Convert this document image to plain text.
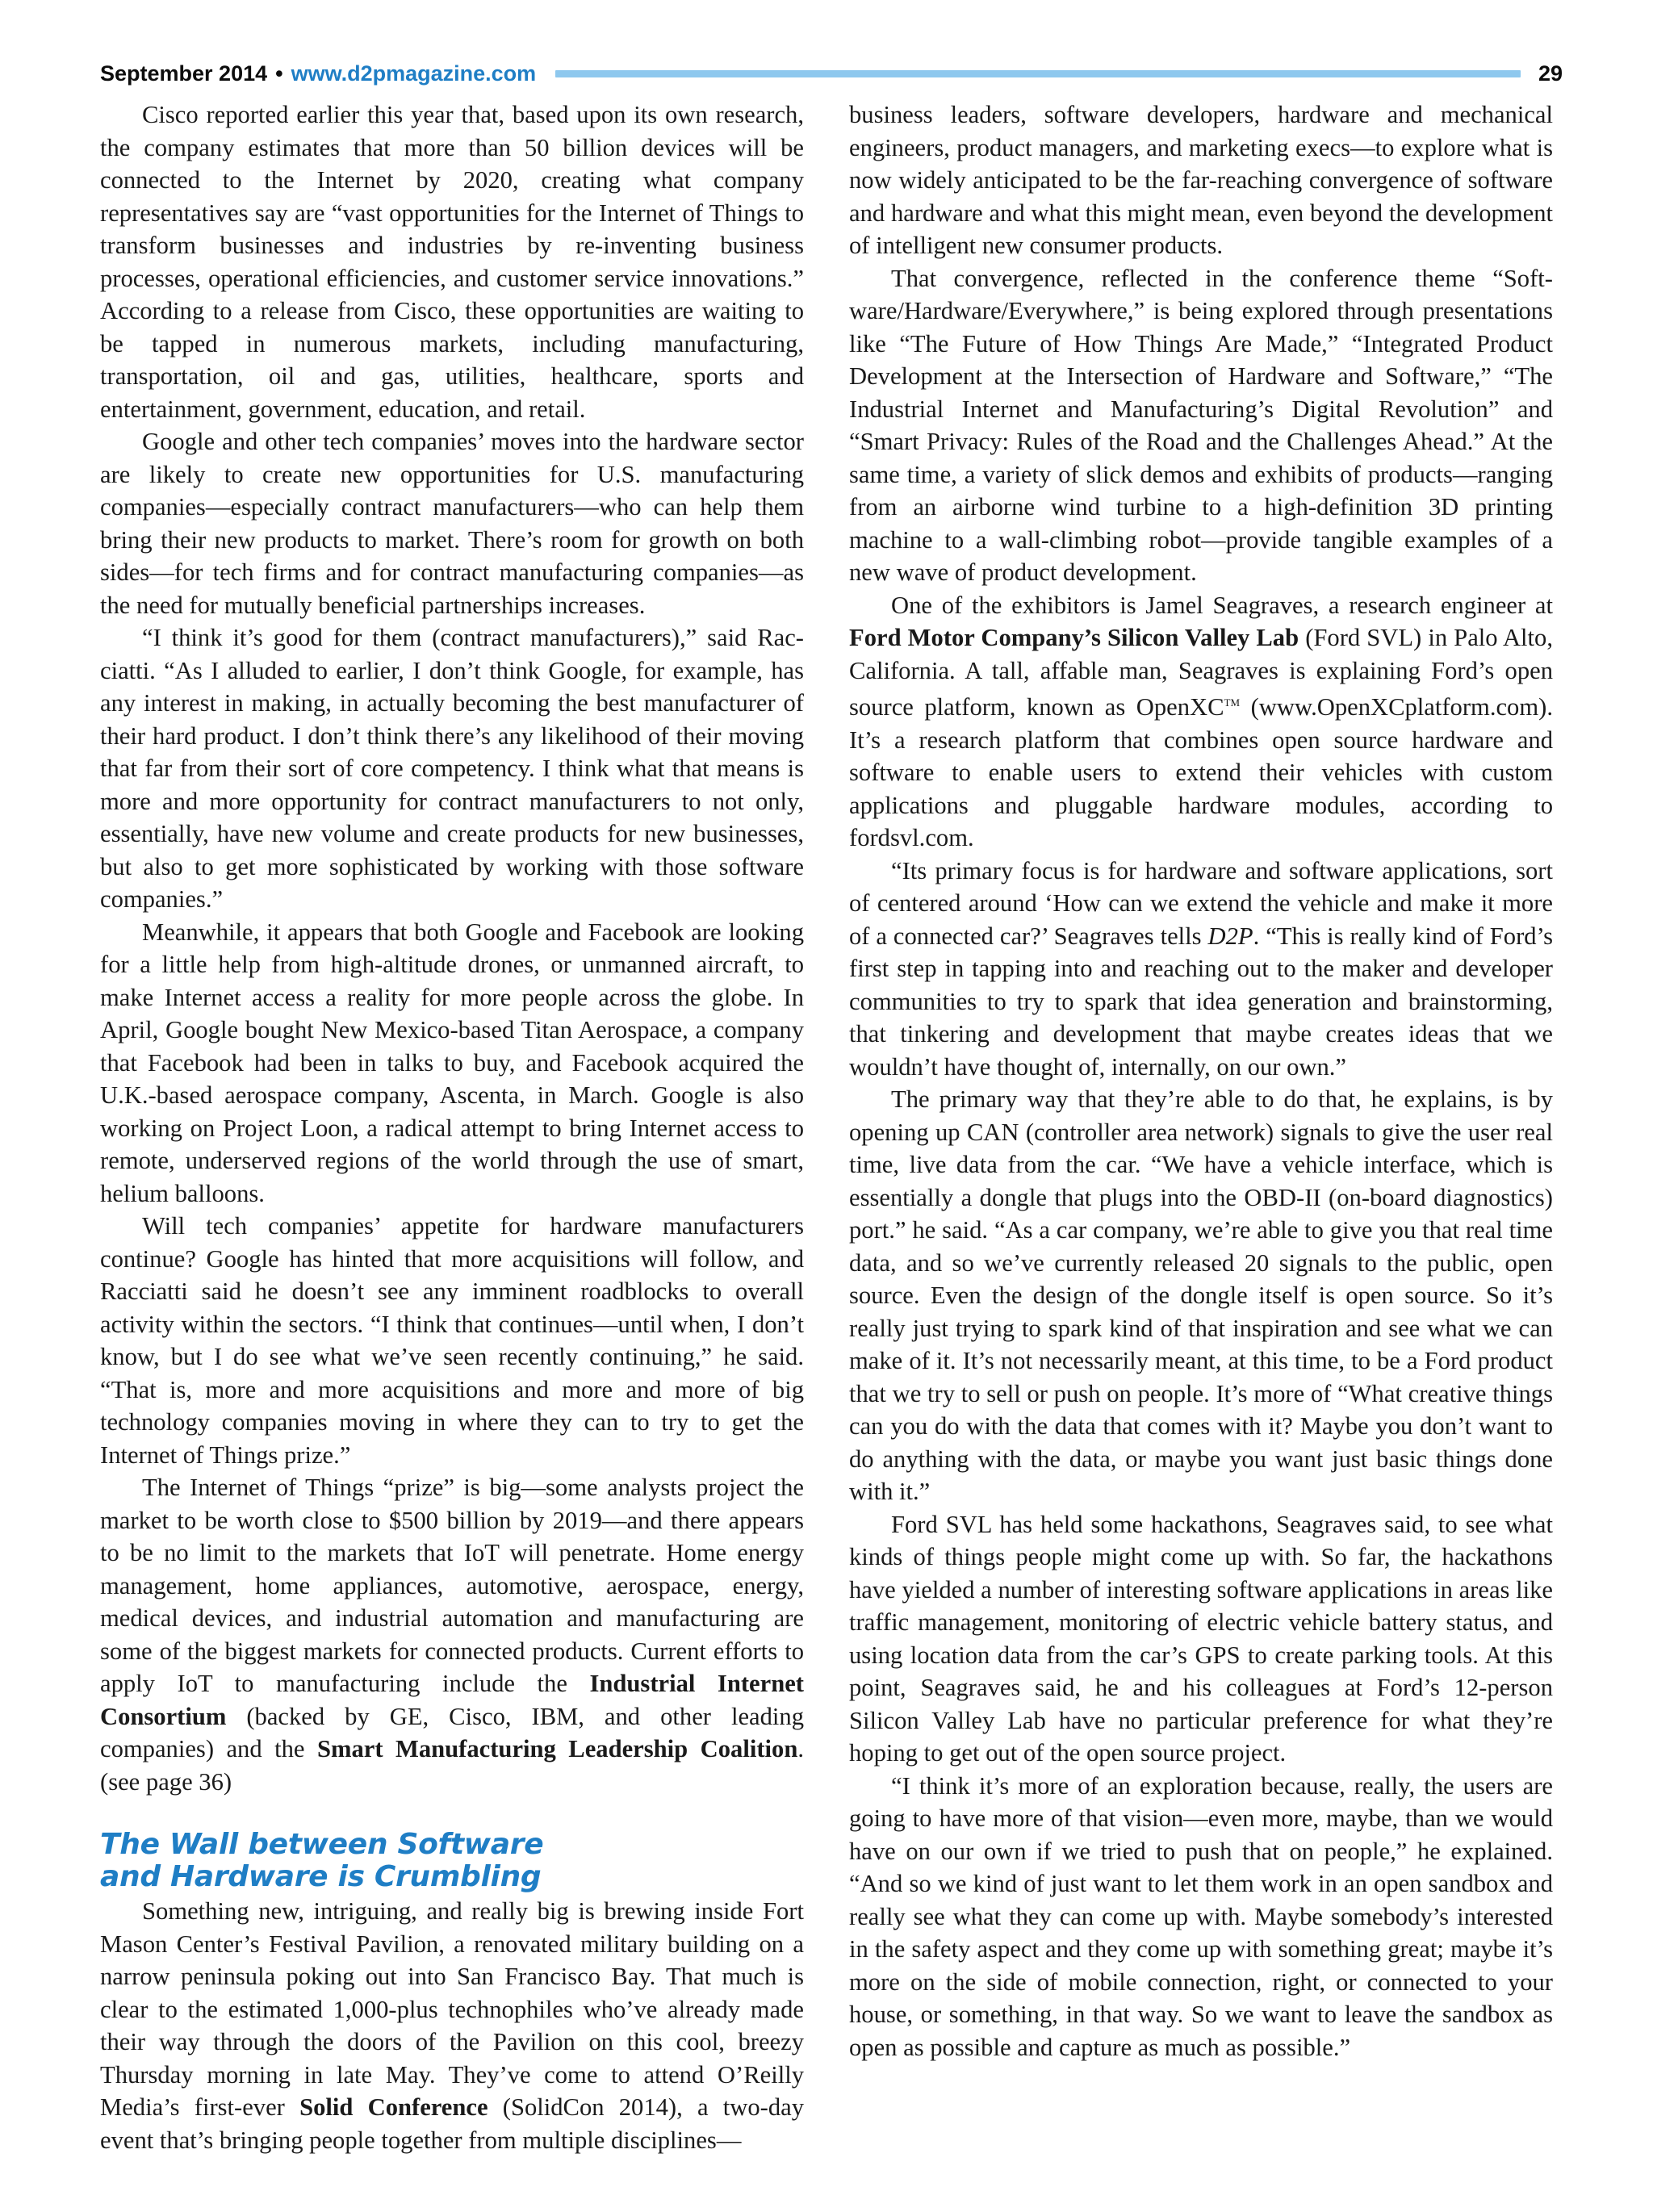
September 2014 • www.d2pmagazine.com	29

Cisco reported earlier this year that, based upon its own research, the company estimates that more than 50 billion devices will be connected to the Internet by 2020, creating what company representatives say are “vast opportunities for the Internet of Things to transform businesses and industries by re-inventing business processes, operational efficiencies, and customer service innovations.” According to a release from Cisco, these opportunities are waiting to be tapped in numerous markets, including manufacturing, transportation, oil and gas, utilities, healthcare, sports and entertainment, government, education, and retail.

Google and other tech companies’ moves into the hardware sector are likely to create new opportunities for U.S. manufacturing companies—especially contract manufacturers—who can help them bring their new products to market. There’s room for growth on both sides—for tech firms and for contract manufacturing companies—as the need for mutually beneficial partnerships increases.

“I think it’s good for them (contract manufacturers),” said Racciatti. “As I alluded to earlier, I don’t think Google, for example, has any interest in making, in actually becoming the best manufacturer of their hard product. I don’t think there’s any likelihood of their moving that far from their sort of core competency. I think what that means is more and more opportunity for contract manufacturers to not only, essentially, have new volume and create products for new businesses, but also to get more sophisticated by working with those software companies.”

Meanwhile, it appears that both Google and Facebook are looking for a little help from high-altitude drones, or unmanned aircraft, to make Internet access a reality for more people across the globe. In April, Google bought New Mexico-based Titan Aerospace, a company that Facebook had been in talks to buy, and Facebook acquired the U.K.-based aerospace company, Ascenta, in March. Google is also working on Project Loon, a radical attempt to bring Internet access to remote, underserved regions of the world through the use of smart, helium balloons.

Will tech companies’ appetite for hardware manufacturers continue? Google has hinted that more acquisitions will follow, and Racciatti said he doesn’t see any imminent roadblocks to overall activity within the sectors. “I think that continues—until when, I don’t know, but I do see what we’ve seen recently continuing,” he said. “That is, more and more acquisitions and more and more of big technology companies moving in where they can to try to get the Internet of Things prize.”

The Internet of Things “prize” is big—some analysts project the market to be worth close to $500 billion by 2019—and there appears to be no limit to the markets that IoT will penetrate. Home energy management, home appliances, automotive, aerospace, energy, medical devices, and industrial automation and manufacturing are some of the biggest markets for connected products. Current efforts to apply IoT to manufacturing include the Industrial Internet Consortium (backed by GE, Cisco, IBM, and other leading companies) and the Smart Manufacturing Leadership Coalition. (see page 36)

The Wall between Software
and Hardware is Crumbling

Something new, intriguing, and really big is brewing inside Fort Mason Center’s Festival Pavilion, a renovated military building on a narrow peninsula poking out into San Francisco Bay. That much is clear to the estimated 1,000-plus technophiles who’ve already made their way through the doors of the Pavilion on this cool, breezy Thursday morning in late May. They’ve come to attend O’Reilly Media’s first-ever Solid Conference (SolidCon 2014), a two-day event that’s bringing people together from multiple disciplines—

business leaders, software developers, hardware and mechanical engineers, product managers, and marketing execs—to explore what is now widely anticipated to be the far-reaching convergence of software and hardware and what this might mean, even beyond the development of intelligent new consumer products.

That convergence, reflected in the conference theme “Software/Hardware/Everywhere,” is being explored through presentations like “The Future of How Things Are Made,” “Integrated Product Development at the Intersection of Hardware and Software,” “The Industrial Internet and Manufacturing’s Digital Revolution” and “Smart Privacy: Rules of the Road and the Challenges Ahead.” At the same time, a variety of slick demos and exhibits of products—ranging from an airborne wind turbine to a high-definition 3D printing machine to a wall-climbing robot—provide tangible examples of a new wave of product development.

One of the exhibitors is Jamel Seagraves, a research engineer at Ford Motor Company’s Silicon Valley Lab (Ford SVL) in Palo Alto, California. A tall, affable man, Seagraves is explaining Ford’s open source platform, known as OpenXC™ (www.OpenXCplatform.com). It’s a research platform that combines open source hardware and software to enable users to extend their vehicles with custom applications and pluggable hardware modules, according to fordsvl.com.

“Its primary focus is for hardware and software applications, sort of centered around ‘How can we extend the vehicle and make it more of a connected car?’ Seagraves tells D2P. “This is really kind of Ford’s first step in tapping into and reaching out to the maker and developer communities to try to spark that idea generation and brainstorming, that tinkering and development that maybe creates ideas that we wouldn’t have thought of, internally, on our own.”

The primary way that they’re able to do that, he explains, is by opening up CAN (controller area network) signals to give the user real time, live data from the car. “We have a vehicle interface, which is essentially a dongle that plugs into the OBD-II (on-board diagnostics) port.” he said. “As a car company, we’re able to give you that real time data, and so we’ve currently released 20 signals to the public, open source. Even the design of the dongle itself is open source. So it’s really just trying to spark kind of that inspiration and see what we can make of it. It’s not necessarily meant, at this time, to be a Ford product that we try to sell or push on people. It’s more of “What creative things can you do with the data that comes with it? Maybe you don’t want to do anything with the data, or maybe you want just basic things done with it.”

Ford SVL has held some hackathons, Seagraves said, to see what kinds of things people might come up with. So far, the hackathons have yielded a number of interesting software applications in areas like traffic management, monitoring of electric vehicle battery status, and using location data from the car’s GPS to create parking tools. At this point, Seagraves said, he and his colleagues at Ford’s 12-person Silicon Valley Lab have no particular preference for what they’re hoping to get out of the open source project.

“I think it’s more of an exploration because, really, the users are going to have more of that vision—even more, maybe, than we would have on our own if we tried to push that on people,” he explained. “And so we kind of just want to let them work in an open sandbox and really see what they can come up with. Maybe somebody’s interested in the safety aspect and they come up with something great; maybe it’s more on the side of mobile connection, right, or connected to your house, or something, in that way. So we want to leave the sandbox as open as possible and capture as much as possible.”
